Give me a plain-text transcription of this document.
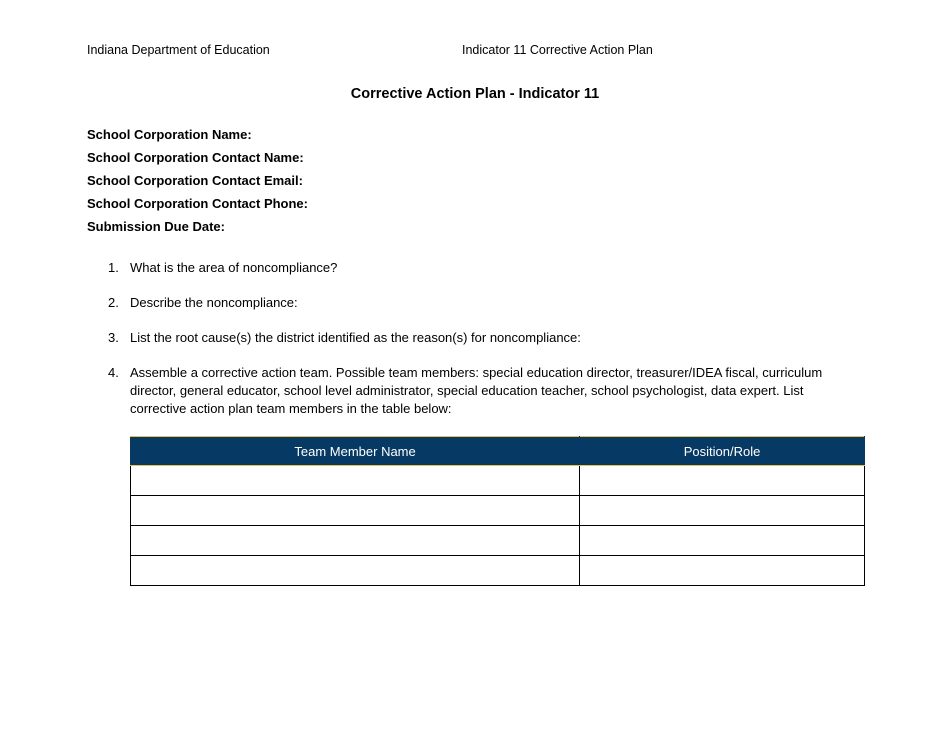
Indiana Department of Education	Indicator 11 Corrective Action Plan
Corrective Action Plan - Indicator 11
School Corporation Name:
School Corporation Contact Name:
School Corporation Contact Email:
School Corporation Contact Phone:
Submission Due Date:
1. What is the area of noncompliance?
2. Describe the noncompliance:
3. List the root cause(s) the district identified as the reason(s) for noncompliance:
4. Assemble a corrective action team. Possible team members: special education director, treasurer/IDEA fiscal, curriculum director, general educator, school level administrator, special education teacher, school psychologist, data expert. List corrective action plan team members in the table below:
Team Member Name	Position/Role
